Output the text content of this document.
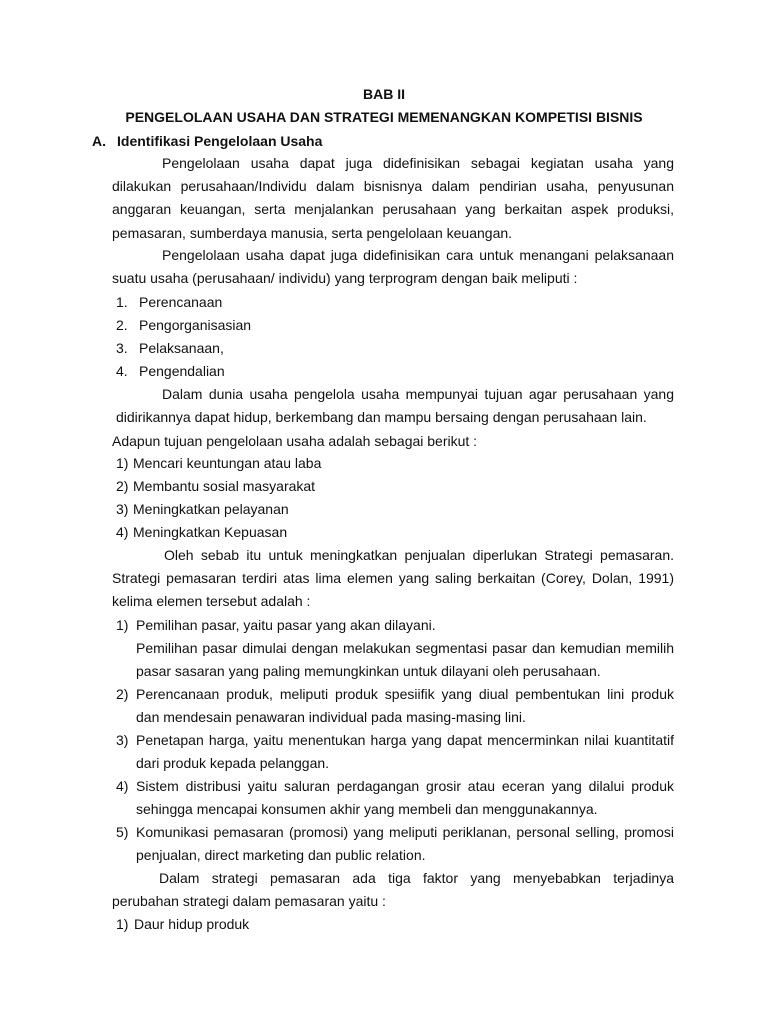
BAB II
PENGELOLAAN USAHA DAN STRATEGI MEMENANGKAN KOMPETISI BISNIS
A. Identifikasi Pengelolaan Usaha
Pengelolaan usaha dapat juga didefinisikan sebagai kegiatan usaha yang
dilakukan perusahaan/Individu dalam bisnisnya dalam pendirian usaha, penyusunan
anggaran keuangan, serta menjalankan perusahaan yang berkaitan aspek produksi,
pemasaran, sumberdaya manusia, serta pengelolaan keuangan.
Pengelolaan usaha dapat juga didefinisikan cara untuk menangani pelaksanaan
suatu usaha (perusahaan/ individu) yang terprogram dengan baik meliputi :
1. Perencanaan
2. Pengorganisasian
3. Pelaksanaan,
4. Pengendalian
Dalam dunia usaha pengelola usaha mempunyai tujuan agar perusahaan yang
didirikannya dapat hidup, berkembang dan mampu bersaing dengan perusahaan lain.
Adapun tujuan pengelolaan usaha adalah sebagai berikut :
1) Mencari keuntungan atau laba
2) Membantu sosial masyarakat
3) Meningkatkan pelayanan
4) Meningkatkan Kepuasan
Oleh sebab itu untuk meningkatkan penjualan diperlukan Strategi pemasaran.
Strategi pemasaran terdiri atas lima elemen yang saling berkaitan (Corey, Dolan, 1991)
kelima elemen tersebut adalah :
1) Pemilihan pasar, yaitu pasar yang akan dilayani.
Pemilihan pasar dimulai dengan melakukan segmentasi pasar dan kemudian memilih
pasar sasaran yang paling memungkinkan untuk dilayani oleh perusahaan.
2) Perencanaan produk, meliputi produk spesiifik yang diual pembentukan lini produk
dan mendesain penawaran individual pada masing-masing lini.
3) Penetapan harga, yaitu menentukan harga yang dapat mencerminkan nilai kuantitatif
dari produk kepada pelanggan.
4) Sistem distribusi yaitu saluran perdagangan grosir atau eceran yang dilalui produk
sehingga mencapai konsumen akhir yang membeli dan menggunakannya.
5) Komunikasi pemasaran (promosi) yang meliputi periklanan, personal selling, promosi
penjualan, direct marketing dan public relation.
Dalam strategi pemasaran ada tiga faktor yang menyebabkan terjadinya
perubahan strategi dalam pemasaran yaitu :
1) Daur hidup produk
